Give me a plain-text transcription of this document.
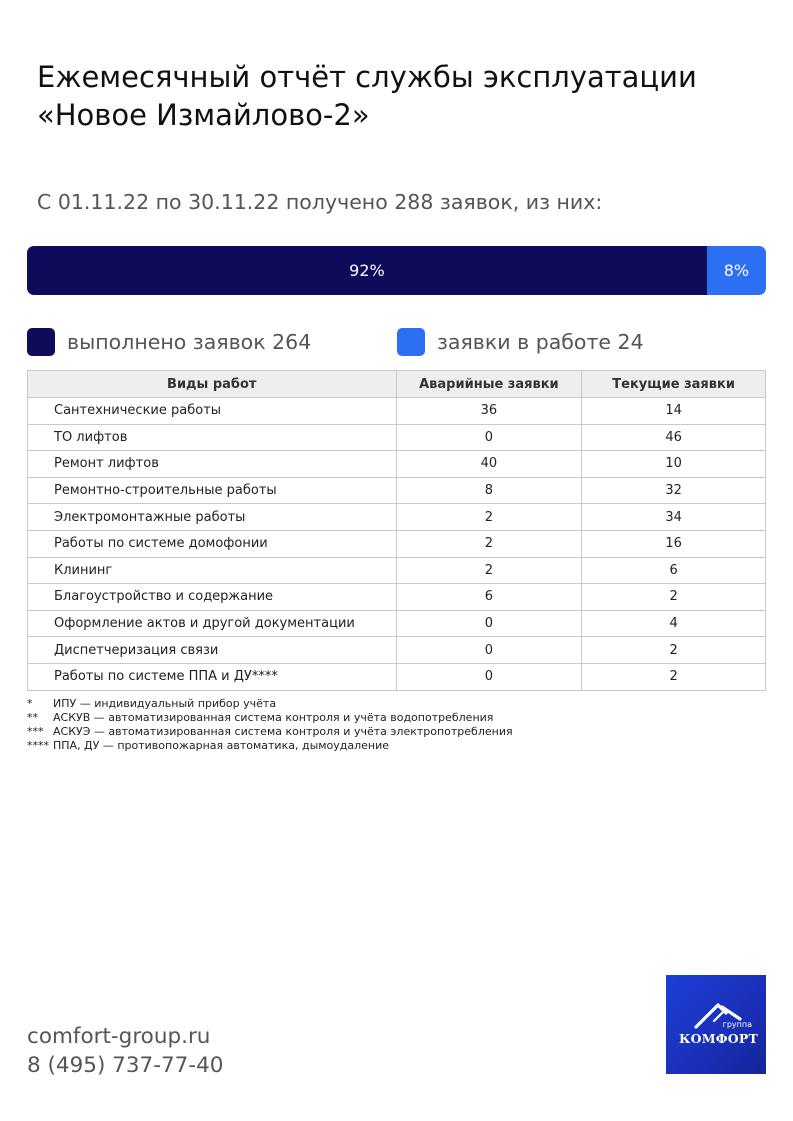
Ежемесячный отчёт службы эксплуатации
«Новое Измайлово-2»
С 01.11.22 по 30.11.22 получено 288 заявок, из них:
92%	8%
выполнено заявок 264	заявки в работе 24
Виды работ	Аварийные заявки	Текущие заявки
Сантехнические работы	36	14
ТО лифтов	0	46
Ремонт лифтов	40	10
Ремонтно-строительные работы	8	32
Электромонтажные работы	2	34
Работы по системе домофонии	2	16
Клининг	2	6
Благоустройство и содержание	6	2
Оформление актов и другой документации	0	4
Диспетчеризация связи	0	2
Работы по системе ППА и ДУ****	0	2
*	ИПУ — индивидуальный прибор учёта
**	АСКУВ — автоматизированная система контроля и учёта водопотребления
*** АСКУЭ — автоматизированная система контроля и учёта электропотребления
**** ППА, ДУ — противопожарная автоматика, дымоудаление
comfort-group.ru
8 (495) 737-77-40
группа
КОМФОРТ
